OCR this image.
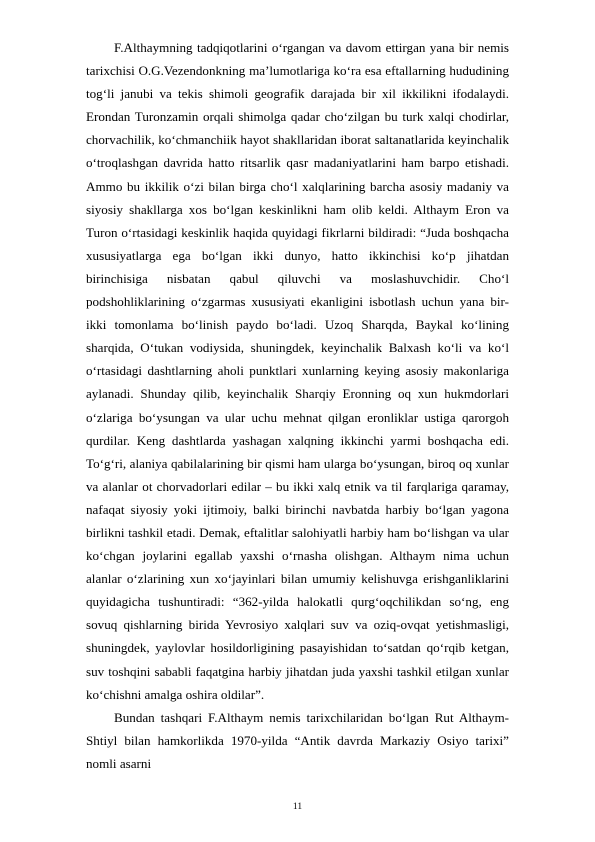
F.Althaymning tadqiqotlarini oʻrgangan va davom ettirgan yana bir nemis tarixchisi O.G.Vezendonkning maʼlumotlariga koʻra esa eftallarning hududining togʻli janubi va tekis shimoli geografik darajada bir xil ikkilikni ifodalaydi. Erondan Turonzamin orqali shimolga qadar choʻzilgan bu turk xalqi chodirlar, chorvachilik, koʻchmanchiik hayot shakllaridan iborat saltanatlarida keyinchalik oʻtroqlashgan davrida hatto ritsarlik qasr madaniyatlarini ham barpo etishadi. Ammo bu ikkilik oʻzi bilan birga choʻl xalqlarining barcha asosiy madaniy va siyosiy shakllarga xos boʻlgan keskinlikni ham olib keldi. Althaym Eron va Turon oʻrtasidagi keskinlik haqida quyidagi fikrlarni bildiradi: “Juda boshqacha xususiyatlarga ega boʻlgan ikki dunyo, hatto ikkinchisi koʻp jihatdan birinchisiga nisbatan qabul qiluvchi va moslashuvchidir. Choʻl podshohliklarining oʻzgarmas xususiyati ekanligini isbotlash uchun yana bir-ikki tomonlama boʻlinish paydo boʻladi. Uzoq Sharqda, Baykal koʻlining sharqida, Oʻtukan vodiysida, shuningdek, keyinchalik Balxash koʻli va koʻl oʻrtasidagi dashtlarning aholi punktlari xunlarning keying asosiy makonlariga aylanadi. Shunday qilib, keyinchalik Sharqiy Eronning oq xun hukmdorlari oʻzlariga boʻysungan va ular uchu mehnat qilgan eronliklar ustiga qarorgoh qurdilar. Keng dashtlarda yashagan xalqning ikkinchi yarmi boshqacha edi. Toʻgʻri, alaniya qabilalarining bir qismi ham ularga boʻysungan, biroq oq xunlar va alanlar ot chorvadorlari edilar – bu ikki xalq etnik va til farqlariga qaramay, nafaqat siyosiy yoki ijtimoiy, balki birinchi navbatda harbiy boʻlgan yagona birlikni tashkil etadi. Demak, eftalitlar salohiyatli harbiy ham boʻlishgan va ular koʻchgan joylarini egallab yaxshi oʻrnasha olishgan. Althaym nima uchun alanlar oʻzlarining xun xoʻjayinlari bilan umumiy kelishuvga erishganliklarini quyidagicha tushuntiradi: “362-yilda halokatli qurgʻoqchilikdan soʻng, eng sovuq qishlarning birida Yevrosiyo xalqlari suv va oziq-ovqat yetishmasligi, shuningdek, yaylovlar hosildorligining pasayishidan toʻsatdan qoʻrqib ketgan, suv toshqini sababli faqatgina harbiy jihatdan juda yaxshi tashkil etilgan xunlar koʻchishni amalga oshira oldilar”.

Bundan tashqari F.Althaym nemis tarixchilaridan boʻlgan Rut Althaym-Shtiyl bilan hamkorlikda 1970-yilda “Antik davrda Markaziy Osiyo tarixi” nomli asarni

11
